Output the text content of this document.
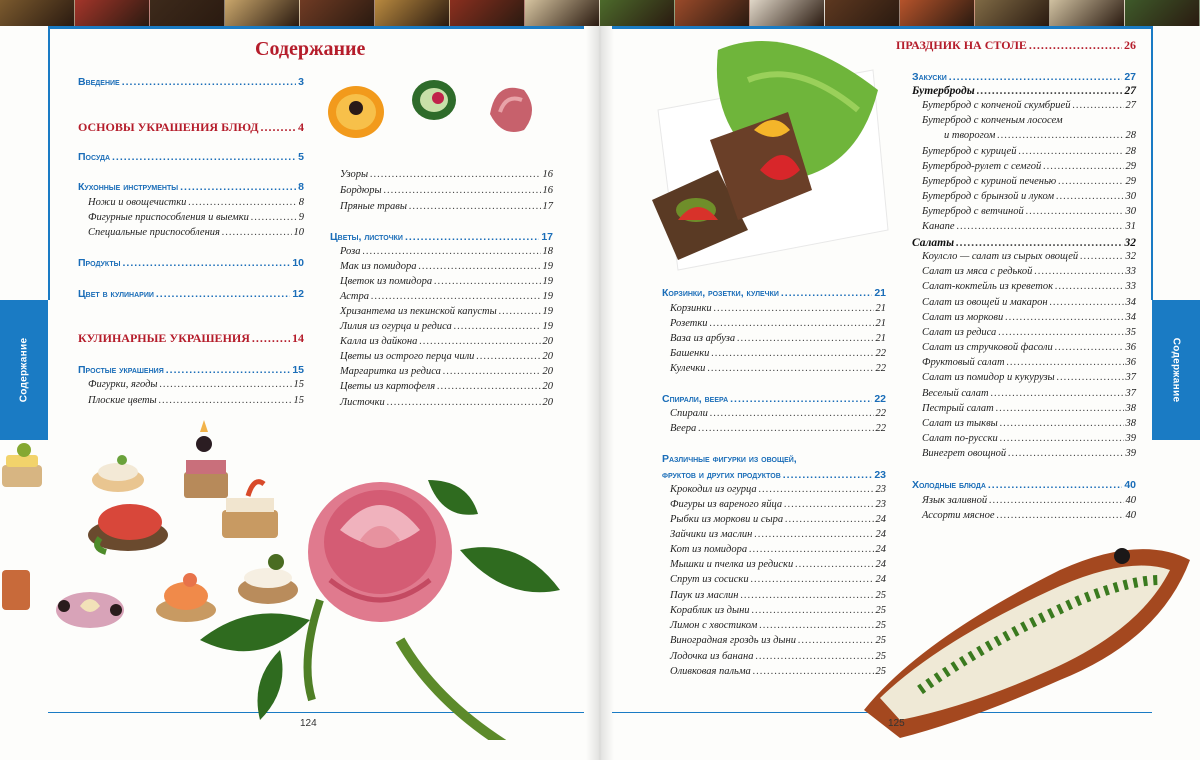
Содержание	Содержание
Содержание
Введение .....	3
ОСНОВЫ УКРАШЕНИЯ БЛЮД .....	4
Посуда .....	5
Кухонные инструменты .....	8
Ножи и овощечистки .....	8
Фигурные приспособления и выемки .....	9
Специальные приспособления .....	10
Продукты .....	10
Цвет в кулинарии .....	12
КУЛИНАРНЫЕ УКРАШЕНИЯ .....	14
Простые украшения .....	15
Фигурки, ягоды .....	15
Плоские цветы .....	15
Узоры .....	16
Бордюры .....	16
Пряные травы .....	17
Цветы, листочки .....	17
Роза .....	18
Мак из помидора .....	19
Цветок из помидора .....	19
Астра .....	19
Хризантема из пекинской капусты .....	19
Лилия из огурца и редиса .....	19
Калла из дайкона .....	20
Цветы из острого перца чили .....	20
Маргаритка из редиса .....	20
Цветы из картофеля .....	20
Листочки .....	20
Корзинки, розетки, кулечки .....	21
Корзинки .....	21
Розетки .....	21
Ваза из арбуза .....	21
Башенки .....	22
Кулечки .....	22
Спирали, веера .....	22
Спирали .....	22
Веера .....	22
Различные фигурки из овощей,
фруктов и других продуктов .....	23
Крокодил из огурца .....	23
Фигуры из вареного яйца .....	23
Рыбки из моркови и сыра .....	24
Зайчики из маслин .....	24
Кот из помидора .....	24
Мышки и пчелка из редиски .....	24
Спрут из сосиски .....	24
Паук из маслин .....	25
Кораблик из дыни .....	25
Лимон с хвостиком .....	25
Виноградная гроздь из дыни .....	25
Лодочка из банана .....	25
Оливковая пальма .....	25
ПРАЗДНИК НА СТОЛЕ .....	26
Закуски .....	27
Бутерброды .....	27
Бутерброд с копченой скумбрией .....	27
Бутерброд с копченым лососем
и творогом .....	28
Бутерброд с курицей .....	28
Бутерброд-рулет с семгой .....	29
Бутерброд с куриной печенью .....	29
Бутерброд с брынзой и луком .....	30
Бутерброд с ветчиной .....	30
Канапе .....	31
Салаты .....	32
Коулсло — салат из сырых овощей .....	32
Салат из мяса с редькой .....	33
Салат-коктейль из креветок .....	33
Салат из овощей и макарон .....	34
Салат из моркови .....	34
Салат из редиса .....	35
Салат из стручковой фасоли .....	36
Фруктовый салат .....	36
Салат из помидор и кукурузы .....	37
Веселый салат .....	37
Пестрый салат .....	38
Салат из тыквы .....	38
Салат по-русски .....	39
Винегрет овощной .....	39
Холодные блюда .....	40
Язык заливной .....	40
Ассорти мясное .....	40
124	125
